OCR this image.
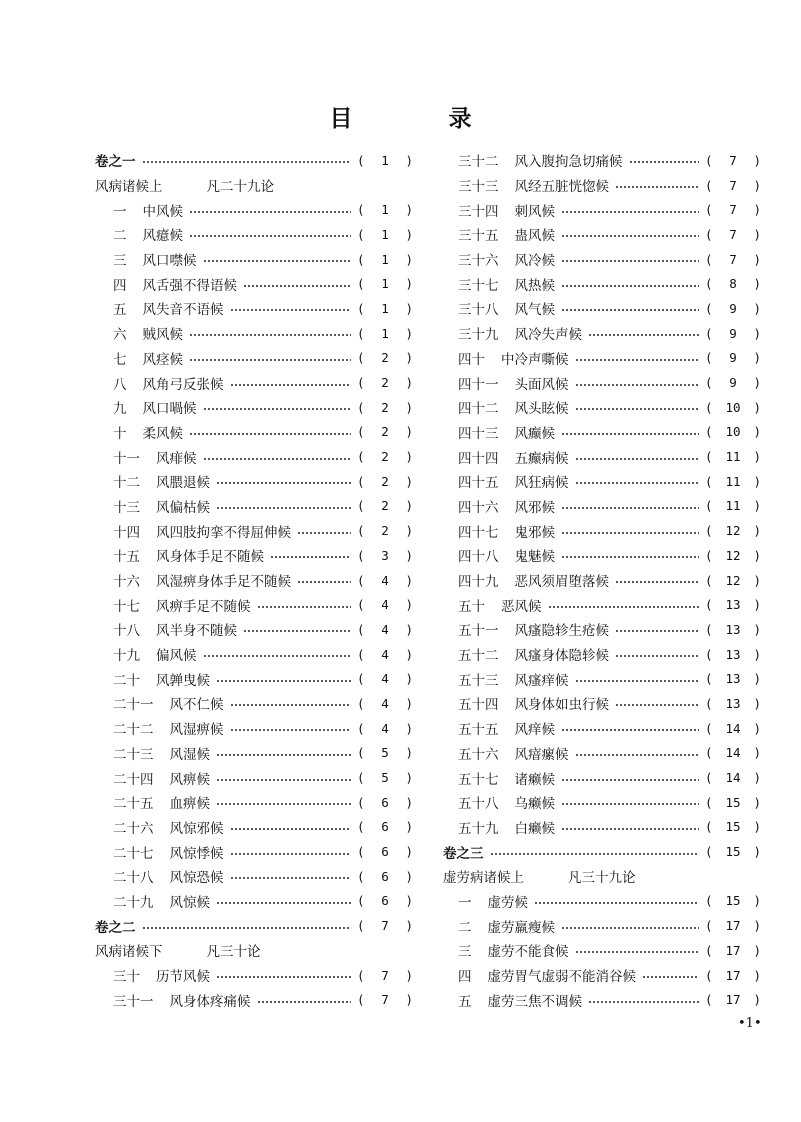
目 录
卷之一	( 1 )
风病诸候上	凡二十九论
一 中风候	( 1 )
二 风癔候	( 1 )
三 风口噤候	( 1 )
四 风舌强不得语候	( 1 )
五 风失音不语候	( 1 )
六 贼风候	( 1 )
七 风痉候	( 2 )
八 风角弓反张候	( 2 )
九 风口喎候	( 2 )
十 柔风候	( 2 )
十一 风痱候	( 2 )
十二 风腲退候	( 2 )
十三 风偏枯候	( 2 )
十四 风四肢拘挛不得屈伸候	( 2 )
十五 风身体手足不随候	( 3 )
十六 风湿痹身体手足不随候	( 4 )
十七 风痹手足不随候	( 4 )
十八 风半身不随候	( 4 )
十九 偏风候	( 4 )
二十 风亸曳候	( 4 )
二十一 风不仁候	( 4 )
二十二 风湿痹候	( 4 )
二十三 风湿候	( 5 )
二十四 风痹候	( 5 )
二十五 血痹候	( 6 )
二十六 风惊邪候	( 6 )
二十七 风惊悸候	( 6 )
二十八 风惊恐候	( 6 )
二十九 风惊候	( 6 )
卷之二	( 7 )
风病诸候下	凡三十论
三十 历节风候	( 7 )
三十一 风身体疼痛候	( 7 )
三十二 风入腹拘急切痛候	( 7 )
三十三 风经五脏恍惚候	( 7 )
三十四 刺风候	( 7 )
三十五 蛊风候	( 7 )
三十六 风冷候	( 7 )
三十七 风热候	( 8 )
三十八 风气候	( 9 )
三十九 风冷失声候	( 9 )
四十 中冷声嘶候	( 9 )
四十一 头面风候	( 9 )
四十二 风头眩候	( 10 )
四十三 风癫候	( 10 )
四十四 五癫病候	( 11 )
四十五 风狂病候	( 11 )
四十六 风邪候	( 11 )
四十七 鬼邪候	( 12 )
四十八 鬼魅候	( 12 )
四十九 恶风须眉堕落候	( 12 )
五十 恶风候	( 13 )
五十一 风瘙隐轸生疮候	( 13 )
五十二 风瘙身体隐轸候	( 13 )
五十三 风瘙痒候	( 13 )
五十四 风身体如虫行候	( 13 )
五十五 风痒候	( 14 )
五十六 风瘖瘰候	( 14 )
五十七 诸癞候	( 14 )
五十八 乌癞候	( 15 )
五十九 白癞候	( 15 )
卷之三	( 15 )
虚劳病诸候上	凡三十九论
一 虚劳候	( 15 )
二 虚劳羸瘦候	( 17 )
三 虚劳不能食候	( 17 )
四 虚劳胃气虚弱不能消谷候	( 17 )
五 虚劳三焦不调候	( 17 )
•1•
